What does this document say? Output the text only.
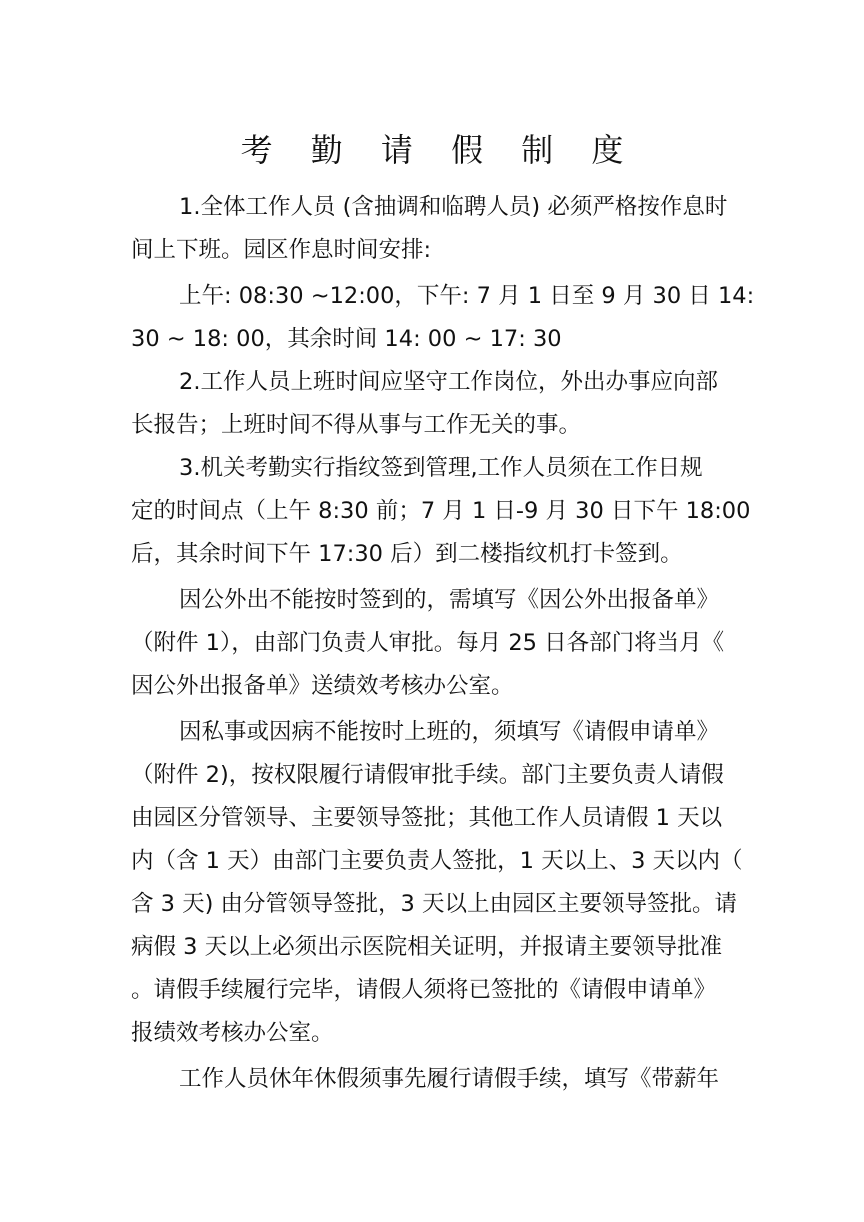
考 勤 请 假 制 度
1.全体工作人员 (含抽调和临聘人员) 必须严格按作息时
间上下班。园区作息时间安排:
上午: 08:30 ~12:00，下午: 7 月 1 日至 9 月 30 日 14:
30 ~ 18: 00，其余时间 14: 00 ~ 17: 30
2.工作人员上班时间应坚守工作岗位，外出办事应向部
长报告；上班时间不得从事与工作无关的事。
3.机关考勤实行指纹签到管理,工作人员须在工作日规
定的时间点（上午 8:30 前；7 月 1 日-9 月 30 日下午 18:00
后，其余时间下午 17:30 后）到二楼指纹机打卡签到。
因公外出不能按时签到的，需填写《因公外出报备单》
（附件 1），由部门负责人审批。每月 25 日各部门将当月《
因公外出报备单》送绩效考核办公室。
因私事或因病不能按时上班的，须填写《请假申请单》
（附件 2)，按权限履行请假审批手续。部门主要负责人请假
由园区分管领导、主要领导签批；其他工作人员请假 1 天以
内（含 1 天）由部门主要负责人签批，1 天以上、3 天以内（
含 3 天) 由分管领导签批，3 天以上由园区主要领导签批。请
病假 3 天以上必须出示医院相关证明，并报请主要领导批准
。请假手续履行完毕，请假人须将已签批的《请假申请单》
报绩效考核办公室。
工作人员休年休假须事先履行请假手续，填写《带薪年
